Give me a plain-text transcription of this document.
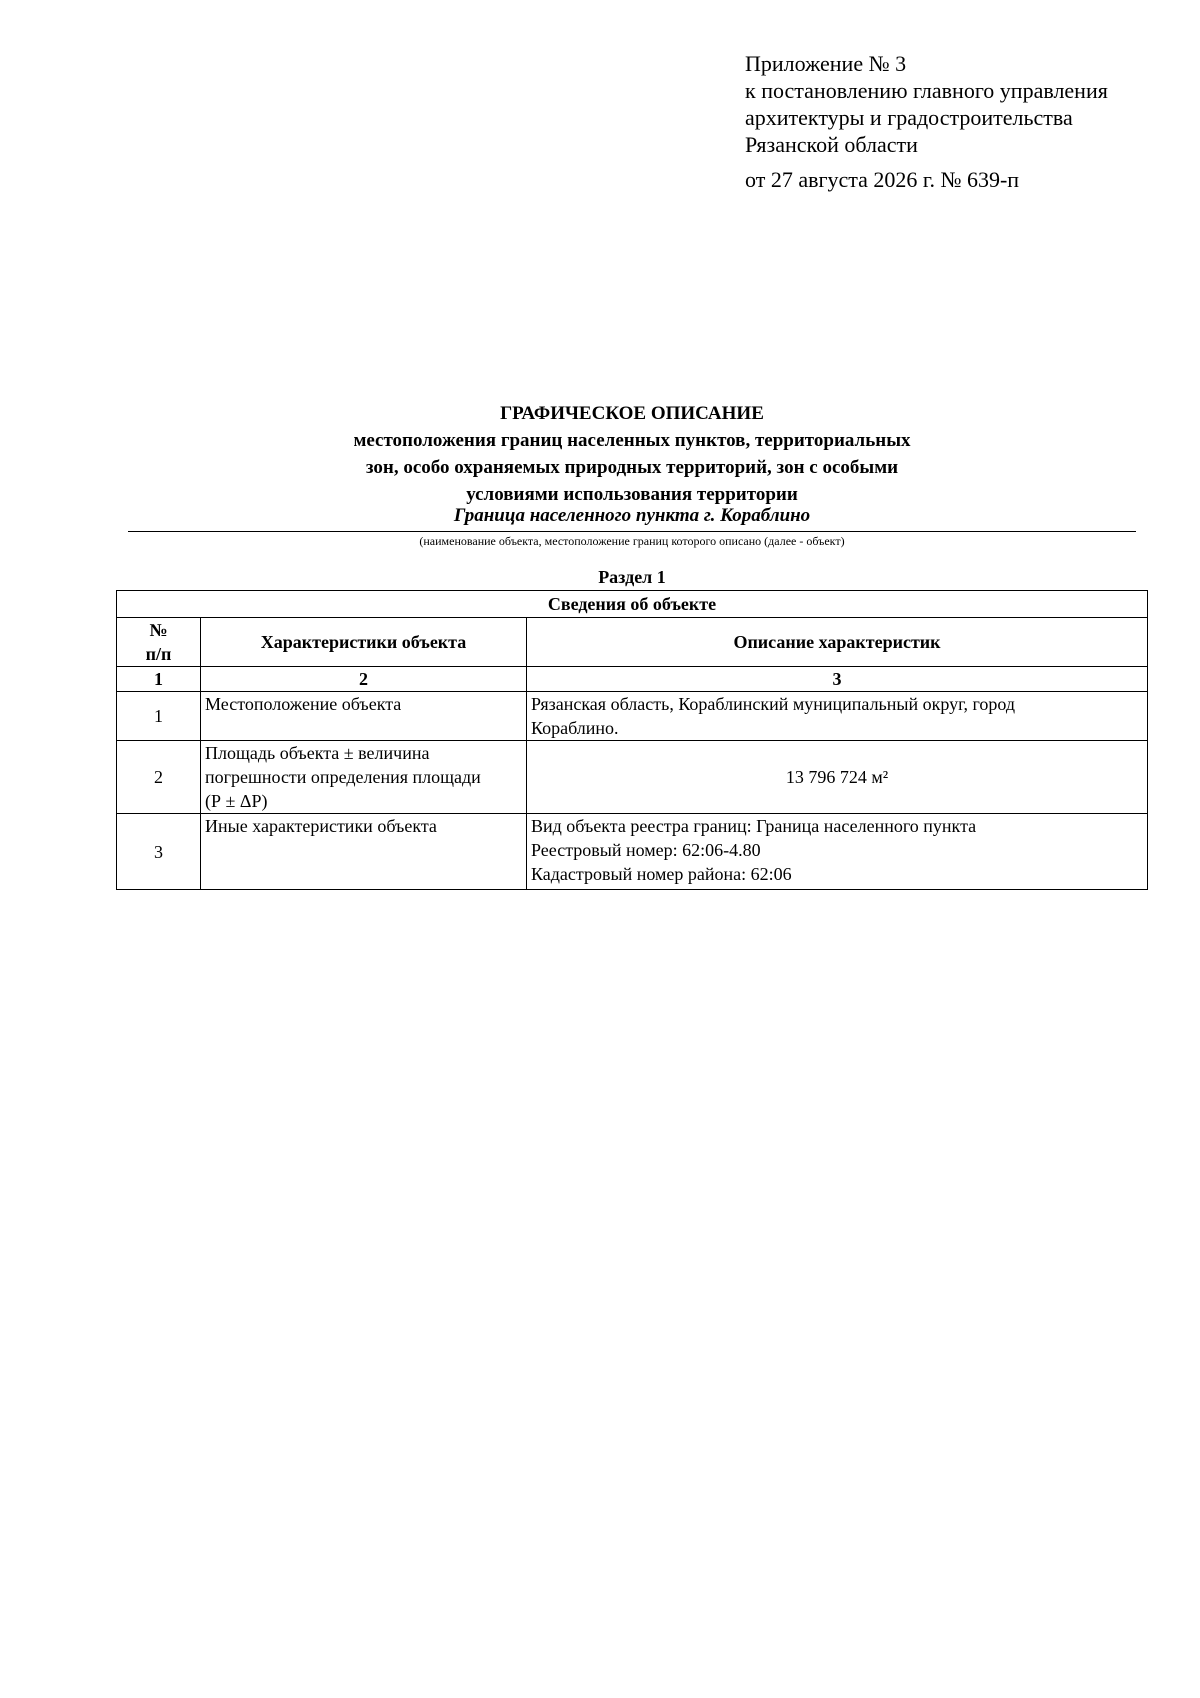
Приложение № 3
к постановлению главного управления
архитектуры и градостроительства
Рязанской области
от 27 августа 2026 г. № 639-п
ГРАФИЧЕСКОЕ ОПИСАНИЕ
местоположения границ населенных пунктов, территориальных
зон, особо охраняемых природных территорий, зон с особыми
условиями использования территории
Граница населенного пункта г. Кораблино
(наименование объекта, местоположение границ которого описано (далее - объект)
Раздел 1
Сведения об объекте		

№
п/п	Характеристики объекта	Описание характеристик
1	2	3
1	Местоположение объекта	Рязанская область, Кораблинский муниципальный округ, город
Кораблино.

2	Площадь объекта ± величина
погрешности определения площади
(Р ± ΔР)	13 796 724 м²
3	Иные характеристики объекта	Вид объекта реестра границ: Граница населенного пункта
Реестровый номер: 62:06-4.80
Кадастровый номер района: 62:06
